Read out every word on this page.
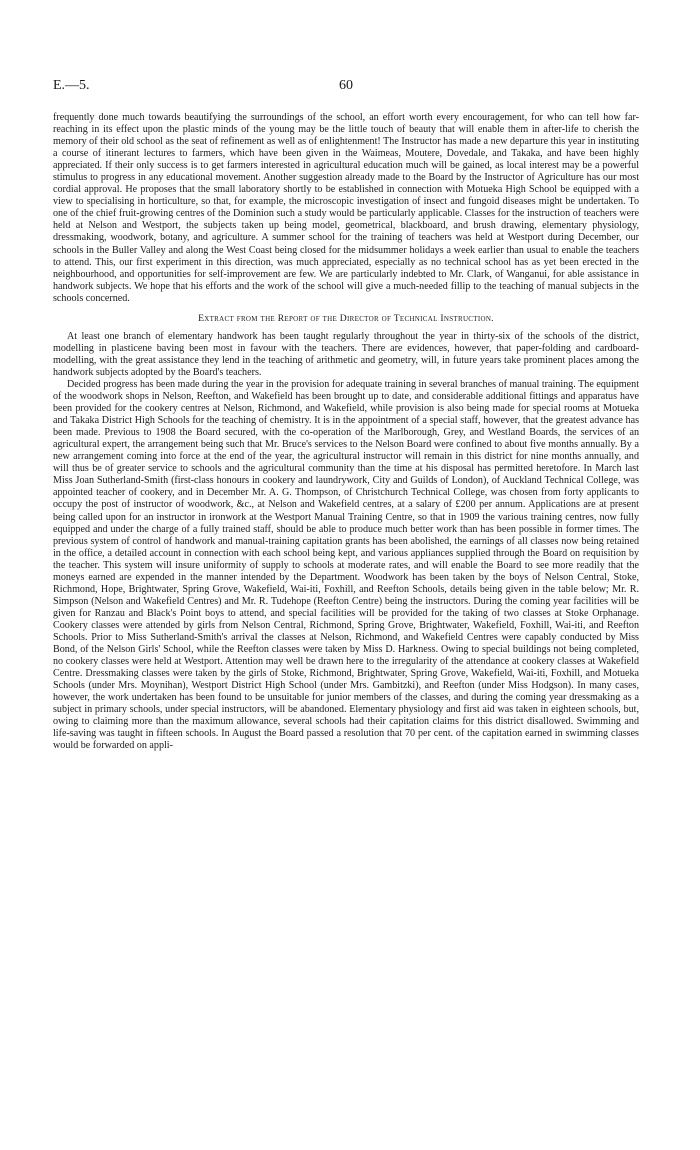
E.—5.	60

frequently done much towards beautifying the surroundings of the school, an effort worth every encouragement, for who can tell how far-reaching in its effect upon the plastic minds of the young may be the little touch of beauty that will enable them in after-life to cherish the memory of their old school as the seat of refinement as well as of enlightenment! The Instructor has made a new departure this year in instituting a course of itinerant lectures to farmers, which have been given in the Waimeas, Moutere, Dovedale, and Takaka, and have been highly appreciated. If their only success is to get farmers interested in agricultural education much will be gained, as local interest may be a powerful stimulus to progress in any educational movement. Another suggestion already made to the Board by the Instructor of Agriculture has our most cordial approval. He proposes that the small laboratory shortly to be established in connection with Motueka High School be equipped with a view to specialising in horticulture, so that, for example, the microscopic investigation of insect and fungoid diseases might be undertaken. To one of the chief fruit-growing centres of the Dominion such a study would be particularly applicable. Classes for the instruction of teachers were held at Nelson and Westport, the subjects taken up being model, geometrical, blackboard, and brush drawing, elementary physiology, dressmaking, woodwork, botany, and agriculture. A summer school for the training of teachers was held at Westport during December, our schools in the Buller Valley and along the West Coast being closed for the midsummer holidays a week earlier than usual to enable the teachers to attend. This, our first experiment in this direction, was much appreciated, especially as no technical school has as yet been erected in the neighbourhood, and opportunities for self-improvement are few. We are particularly indebted to Mr. Clark, of Wanganui, for able assistance in handwork subjects. We hope that his efforts and the work of the school will give a much-needed fillip to the teaching of manual subjects in the schools concerned.

Extract from the Report of the Director of Technical Instruction.

At least one branch of elementary handwork has been taught regularly throughout the year in thirty-six of the schools of the district, modelling in plasticene baving been most in favour with the teachers. There are evidences, however, that paper-folding and cardboard-modelling, with the great assistance they lend in the teaching of arithmetic and geometry, will, in future years take prominent places among the handwork subjects adopted by the Board's teachers.

Decided progress has been made during the year in the provision for adequate training in several branches of manual training. The equipment of the woodwork shops in Nelson, Reefton, and Wakefield has been brought up to date, and considerable additional fittings and apparatus have been provided for the cookery centres at Nelson, Richmond, and Wakefield, while provision is also being made for special rooms at Motueka and Takaka District High Schools for the teaching of chemistry. It is in the appointment of a special staff, however, that the greatest advance has been made. Previous to 1908 the Board secured, with the co-operation of the Marlborough, Grey, and Westland Boards, the services of an agricultural expert, the arrangement being such that Mr. Bruce's services to the Nelson Board were confined to about five months annually. By a new arrangement coming into force at the end of the year, the agricultural instructor will remain in this district for nine months annually, and will thus be of greater service to schools and the agricultural community than the time at his disposal has permitted heretofore. In March last Miss Joan Sutherland-Smith (first-class honours in cookery and laundrywork, City and Guilds of London), of Auckland Technical College, was appointed teacher of cookery, and in December Mr. A. G. Thompson, of Christchurch Technical College, was chosen from forty applicants to occupy the post of instructor of woodwork, &c., at Nelson and Wakefield centres, at a salary of £200 per annum. Applications are at present being called upon for an instructor in ironwork at the Westport Manual Training Centre, so that in 1909 the various training centres, now fully equipped and under the charge of a fully trained staff, should be able to produce much better work than has been possible in former times. The previous system of control of handwork and manual-training capitation grants has been abolished, the earnings of all classes now being retained in the office, a detailed account in connection with each school being kept, and various appliances supplied through the Board on requisition by the teacher. This system will insure uniformity of supply to schools at moderate rates, and will enable the Board to see more readily that the moneys earned are expended in the manner intended by the Department. Woodwork has been taken by the boys of Nelson Central, Stoke, Richmond, Hope, Brightwater, Spring Grove, Wakefield, Wai-iti, Foxhill, and Reefton Schools, details being given in the table below; Mr. R. Simpson (Nelson and Wakefield Centres) and Mr. R. Tudehope (Reefton Centre) being the instructors. During the coming year facilities will be given for Ranzau and Black's Point boys to attend, and special facilities will be provided for the taking of two classes at Stoke Orphanage. Cookery classes were attended by girls from Nelson Central, Richmond, Spring Grove, Brightwater, Wakefield, Foxhill, Wai-iti, and Reefton Schools. Prior to Miss Sutherland-Smith's arrival the classes at Nelson, Richmond, and Wakefield Centres were capably conducted by Miss Bond, of the Nelson Girls' School, while the Reefton classes were taken by Miss D. Harkness. Owing to special buildings not being completed, no cookery classes were held at Westport. Attention may well be drawn here to the irregularity of the attendance at cookery classes at Wakefield Centre. Dressmaking classes were taken by the girls of Stoke, Richmond, Brightwater, Spring Grove, Wakefield, Wai-iti, Foxhill, and Motueka Schools (under Mrs. Moynihan), Westport District High School (under Mrs. Gambitzki), and Reefton (under Miss Hodgson). In many cases, however, the work undertaken has been found to be unsuitable for junior members of the classes, and during the coming year dressmaking as a subject in primary schools, under special instructors, will be abandoned. Elementary physiology and first aid was taken in eighteen schools, but, owing to claiming more than the maximum allowance, several schools had their capitation claims for this district disallowed. Swimming and life-saving was taught in fifteen schools. In August the Board passed a resolution that 70 per cent. of the capitation earned in swimming classes would be forwarded on appli-
